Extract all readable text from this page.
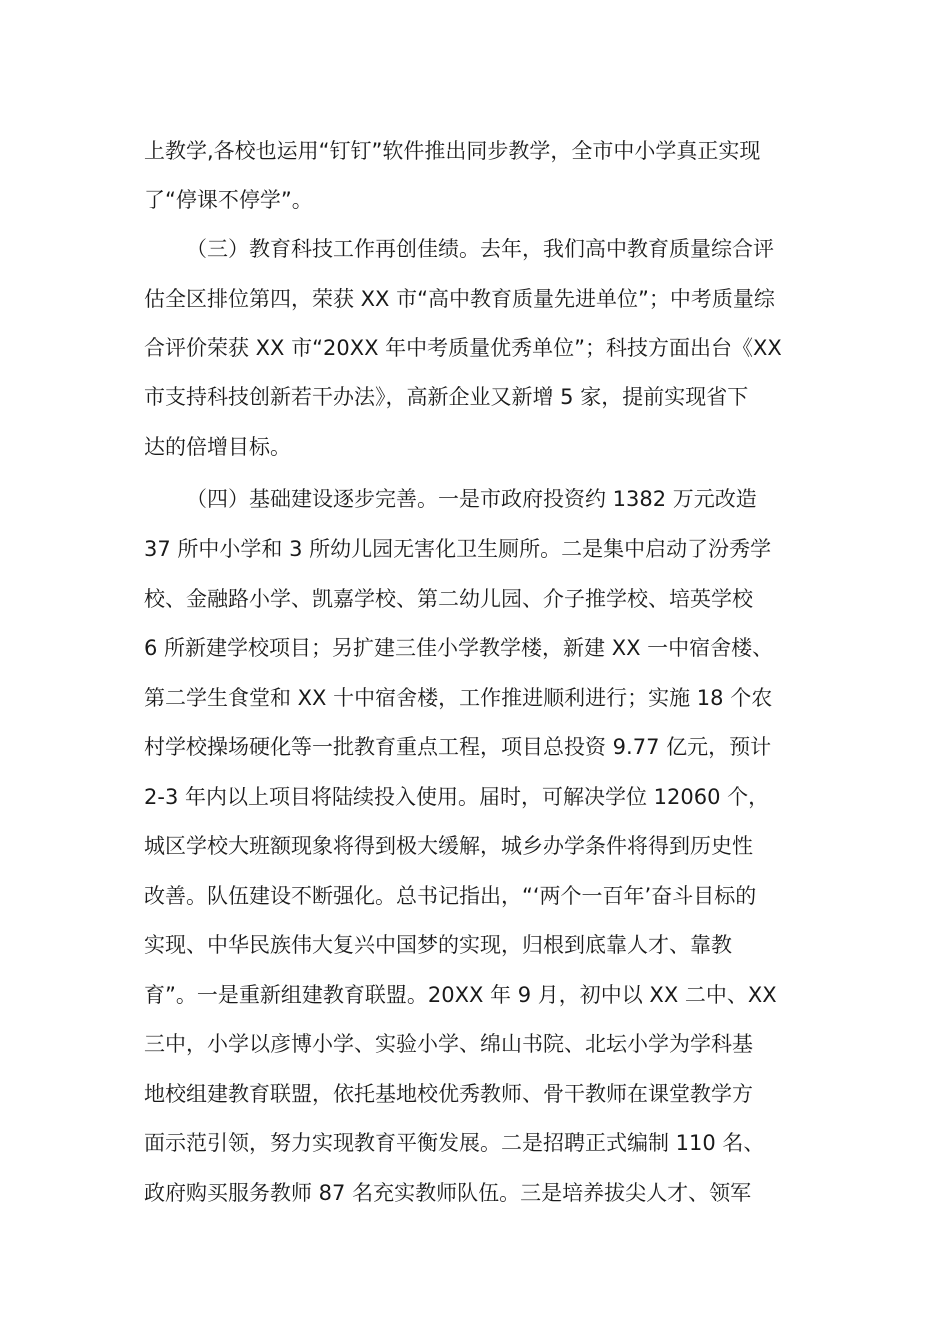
上教学,各校也运用“钉钉”软件推出同步教学，全市中小学真正实现
了“停课不停学”。
（三）教育科技工作再创佳绩。去年，我们高中教育质量综合评
估全区排位第四，荣获 XX 市“高中教育质量先进单位”；中考质量综
合评价荣获 XX 市“20XX 年中考质量优秀单位”；科技方面出台《XX
市支持科技创新若干办法》，高新企业又新增 5 家，提前实现省下
达的倍增目标。
（四）基础建设逐步完善。一是市政府投资约 1382 万元改造
37 所中小学和 3 所幼儿园无害化卫生厕所。二是集中启动了汾秀学
校、金融路小学、凯嘉学校、第二幼儿园、介子推学校、培英学校
6 所新建学校项目；另扩建三佳小学教学楼，新建 XX 一中宿舍楼、
第二学生食堂和 XX 十中宿舍楼，工作推进顺利进行；实施 18 个农
村学校操场硬化等一批教育重点工程，项目总投资 9.77 亿元，预计
2-3 年内以上项目将陆续投入使用。届时，可解决学位 12060 个，
城区学校大班额现象将得到极大缓解，城乡办学条件将得到历史性
改善。队伍建设不断强化。总书记指出，“‘两个一百年’奋斗目标的
实现、中华民族伟大复兴中国梦的实现，归根到底靠人才、靠教
育”。一是重新组建教育联盟。20XX 年 9 月，初中以 XX 二中、XX
三中，小学以彦博小学、实验小学、绵山书院、北坛小学为学科基
地校组建教育联盟，依托基地校优秀教师、骨干教师在课堂教学方
面示范引领，努力实现教育平衡发展。二是招聘正式编制 110 名、
政府购买服务教师 87 名充实教师队伍。三是培养拔尖人才、领军
